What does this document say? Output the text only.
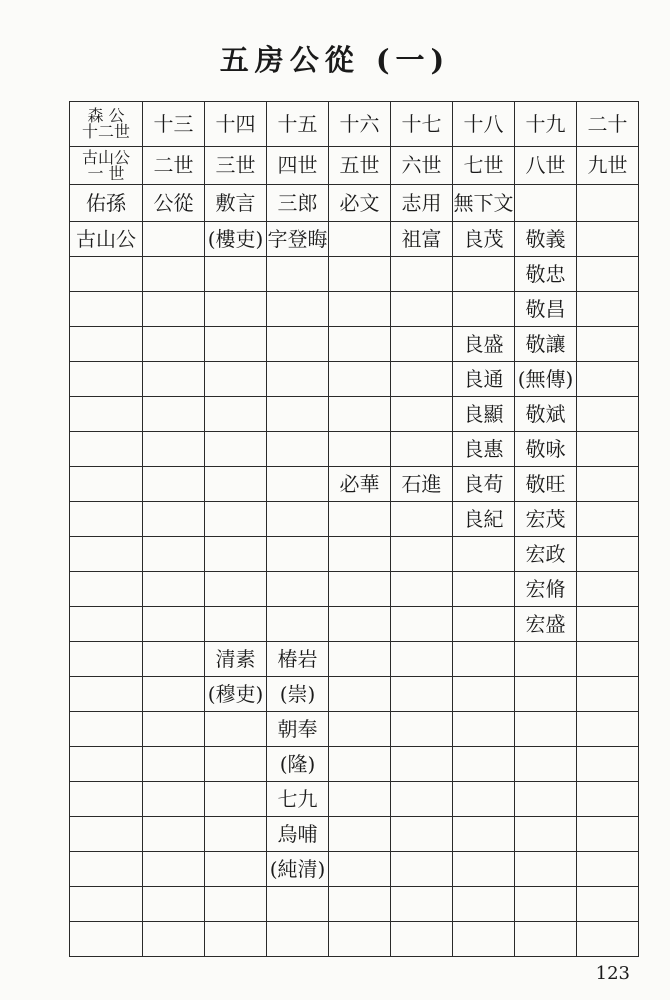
五房公從 (一)
森 公
十二世	十三	十四	十五	十六	十七	十八	十九	二十

古山公
一 世	二世	三世	四世	五世	六世	七世	八世	九世
佑孫	公從	敷言	三郎	必文	志用	無下文		
古山公		(樓吏)	字登晦		祖富	良茂	敬義	
							敬忠	
							敬昌	
						良盛	敬讓	
						良通	(無傳)	
						良顯	敬斌	
						良惠	敬咏	
				必華	石進	良苟	敬旺	
						良紀	宏茂	
							宏政	
							宏脩	
							宏盛	
		清素	椿岩					
		(穆吏)	(崇)					
			朝奉					
			(隆)					
			七九					
			烏哺					
			(純清)					

123
